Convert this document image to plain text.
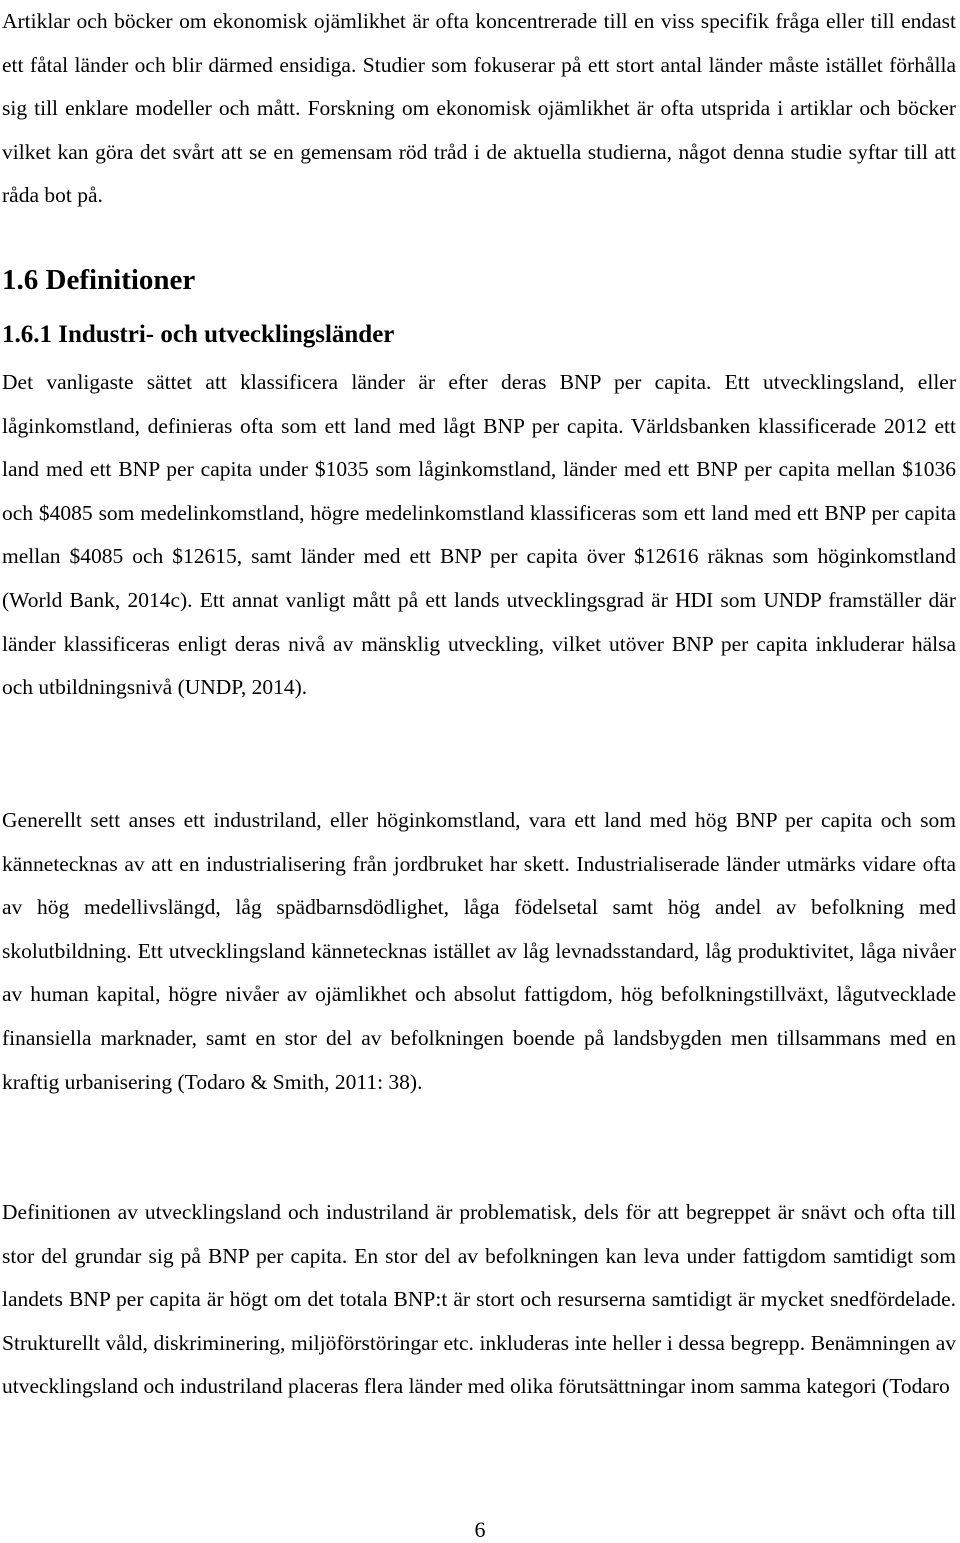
Artiklar och böcker om ekonomisk ojämlikhet är ofta koncentrerade till en viss specifik fråga eller till endast ett fåtal länder och blir därmed ensidiga. Studier som fokuserar på ett stort antal länder måste istället förhålla sig till enklare modeller och mått. Forskning om ekonomisk ojämlikhet är ofta utsprida i artiklar och böcker vilket kan göra det svårt att se en gemensam röd tråd i de aktuella studierna, något denna studie syftar till att råda bot på.

1.6 Definitioner
1.6.1 Industri- och utvecklingsländer

Det vanligaste sättet att klassificera länder är efter deras BNP per capita. Ett utvecklingsland, eller låginkomstland, definieras ofta som ett land med lågt BNP per capita. Världsbanken klassificerade 2012 ett land med ett BNP per capita under $1035 som låginkomstland, länder med ett BNP per capita mellan $1036 och $4085 som medelinkomstland, högre medelinkomstland klassificeras som ett land med ett BNP per capita mellan $4085 och $12615, samt länder med ett BNP per capita över $12616 räknas som höginkomstland (World Bank, 2014c). Ett annat vanligt mått på ett lands utvecklingsgrad är HDI som UNDP framställer där länder klassificeras enligt deras nivå av mänsklig utveckling, vilket utöver BNP per capita inkluderar hälsa och utbildningsnivå (UNDP, 2014).

Generellt sett anses ett industriland, eller höginkomstland, vara ett land med hög BNP per capita och som kännetecknas av att en industrialisering från jordbruket har skett. Industrialiserade länder utmärks vidare ofta av hög medellivslängd, låg spädbarnsdödlighet, låga födelsetal samt hög andel av befolkning med skolutbildning. Ett utvecklingsland kännetecknas istället av låg levnadsstandard, låg produktivitet, låga nivåer av human kapital, högre nivåer av ojämlikhet och absolut fattigdom, hög befolkningstillväxt, lågutvecklade finansiella marknader, samt en stor del av befolkningen boende på landsbygden men tillsammans med en kraftig urbanisering (Todaro & Smith, 2011: 38).

Definitionen av utvecklingsland och industriland är problematisk, dels för att begreppet är snävt och ofta till stor del grundar sig på BNP per capita. En stor del av befolkningen kan leva under fattigdom samtidigt som landets BNP per capita är högt om det totala BNP:t är stort och resurserna samtidigt är mycket snedfördelade. Strukturellt våld, diskriminering, miljöförstöringar etc. inkluderas inte heller i dessa begrepp. Benämningen av utvecklingsland och industriland placeras flera länder med olika förutsättningar inom samma kategori (Todaro

6
